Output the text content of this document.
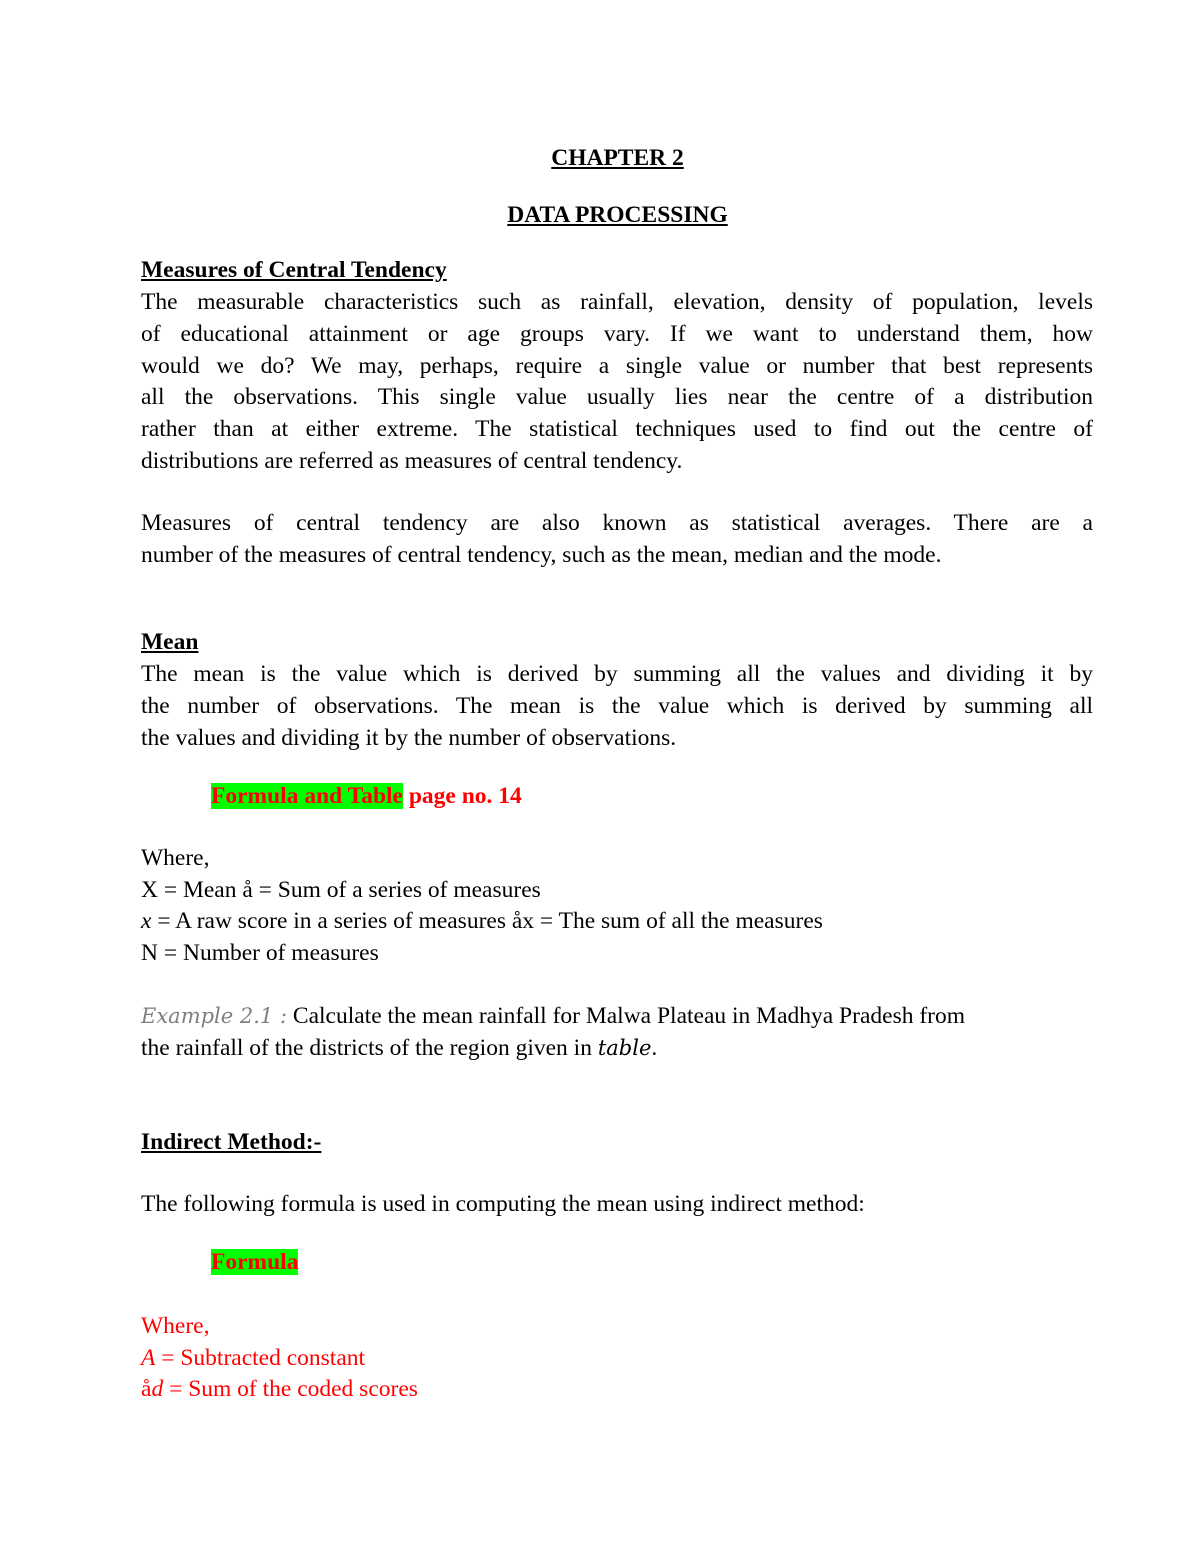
CHAPTER 2
DATA PROCESSING
Measures of Central Tendency
The measurable characteristics such as rainfall, elevation, density of population, levels
of educational attainment or age groups vary. If we want to understand them, how
would we do? We may, perhaps, require a single value or number that best represents
all the observations. This single value usually lies near the centre of a distribution
rather than at either extreme. The statistical techniques used to find out the centre of
distributions are referred as measures of central tendency.
Measures of central tendency are also known as statistical averages. There are a
number of the measures of central tendency, such as the mean, median and the mode.
Mean
The mean is the value which is derived by summing all the values and dividing it by
the number of observations. The mean is the value which is derived by summing all
the values and dividing it by the number of observations.
Formula and Table page no. 14
Where,
X = Mean å = Sum of a series of measures
x = A raw score in a series of measures åx = The sum of all the measures
N = Number of measures
Example 2.1 : Calculate the mean rainfall for Malwa Plateau in Madhya Pradesh from
the rainfall of the districts of the region given in table.
Indirect Method:-
The following formula is used in computing the mean using indirect method:
Formula
Where,
A = Subtracted constant
åd = Sum of the coded scores
